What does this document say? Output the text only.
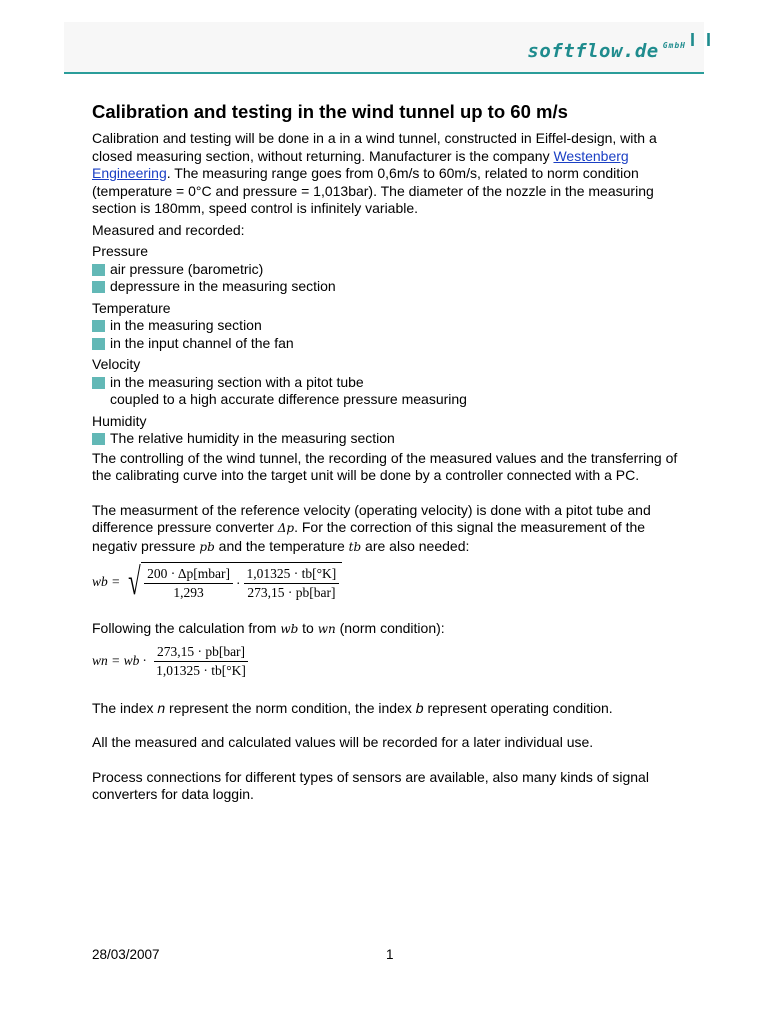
softflow.de $^{GmbH}$ I I
Calibration and testing in the wind tunnel up to 60 m/s

Calibration and testing will be done in a in a wind tunnel, constructed in Eiffel-design, with a closed measuring section, without returning. Manufacturer is the company Westenberg Engineering. The measuring range goes from 0,6m/s to 60m/s, related to norm condition (temperature = 0°C and pressure = 1,013bar). The diameter of the nozzle in the measuring section is 180mm, speed control is infinitely variable.

Measured and recorded:

Pressure

air pressure (barometric)
depressure in the measuring section

Temperature

in the measuring section
in the input channel of the fan

Velocity

in the measuring section with a pitot tube
coupled to a high accurate difference pressure measuring

Humidity

The relative humidity in the measuring section

The controlling of the wind tunnel, the recording of the measured values and the transferring of the calibrating curve into the target unit will be done by a controller connected with a PC.

The measurment of the reference velocity (operating velocity) is done with a pitot tube and difference pressure converter Δp. For the correction of this signal the measurement of the negativ pressure pb and the temperature tb are also needed:

wb = √ $\frac{\text{200 · Δp[mbar]}}{1,293} \cdot \frac{1,01325 \cdot tb[^\circ K]}{\text{273,15 · pb[bar]}}$

Following the calculation from wb to wn (norm condition):

wn = wb · $\frac{\text{273,15 · pb[bar]}}{1,01325 \cdot tb[^\circ K]}$

The index n represent the norm condition, the index b represent operating condition.

All the measured and calculated values will be recorded for a later individual use.

Process connections for different types of sensors are available, also many kinds of signal converters for data loggin.

28/03/2007	1
